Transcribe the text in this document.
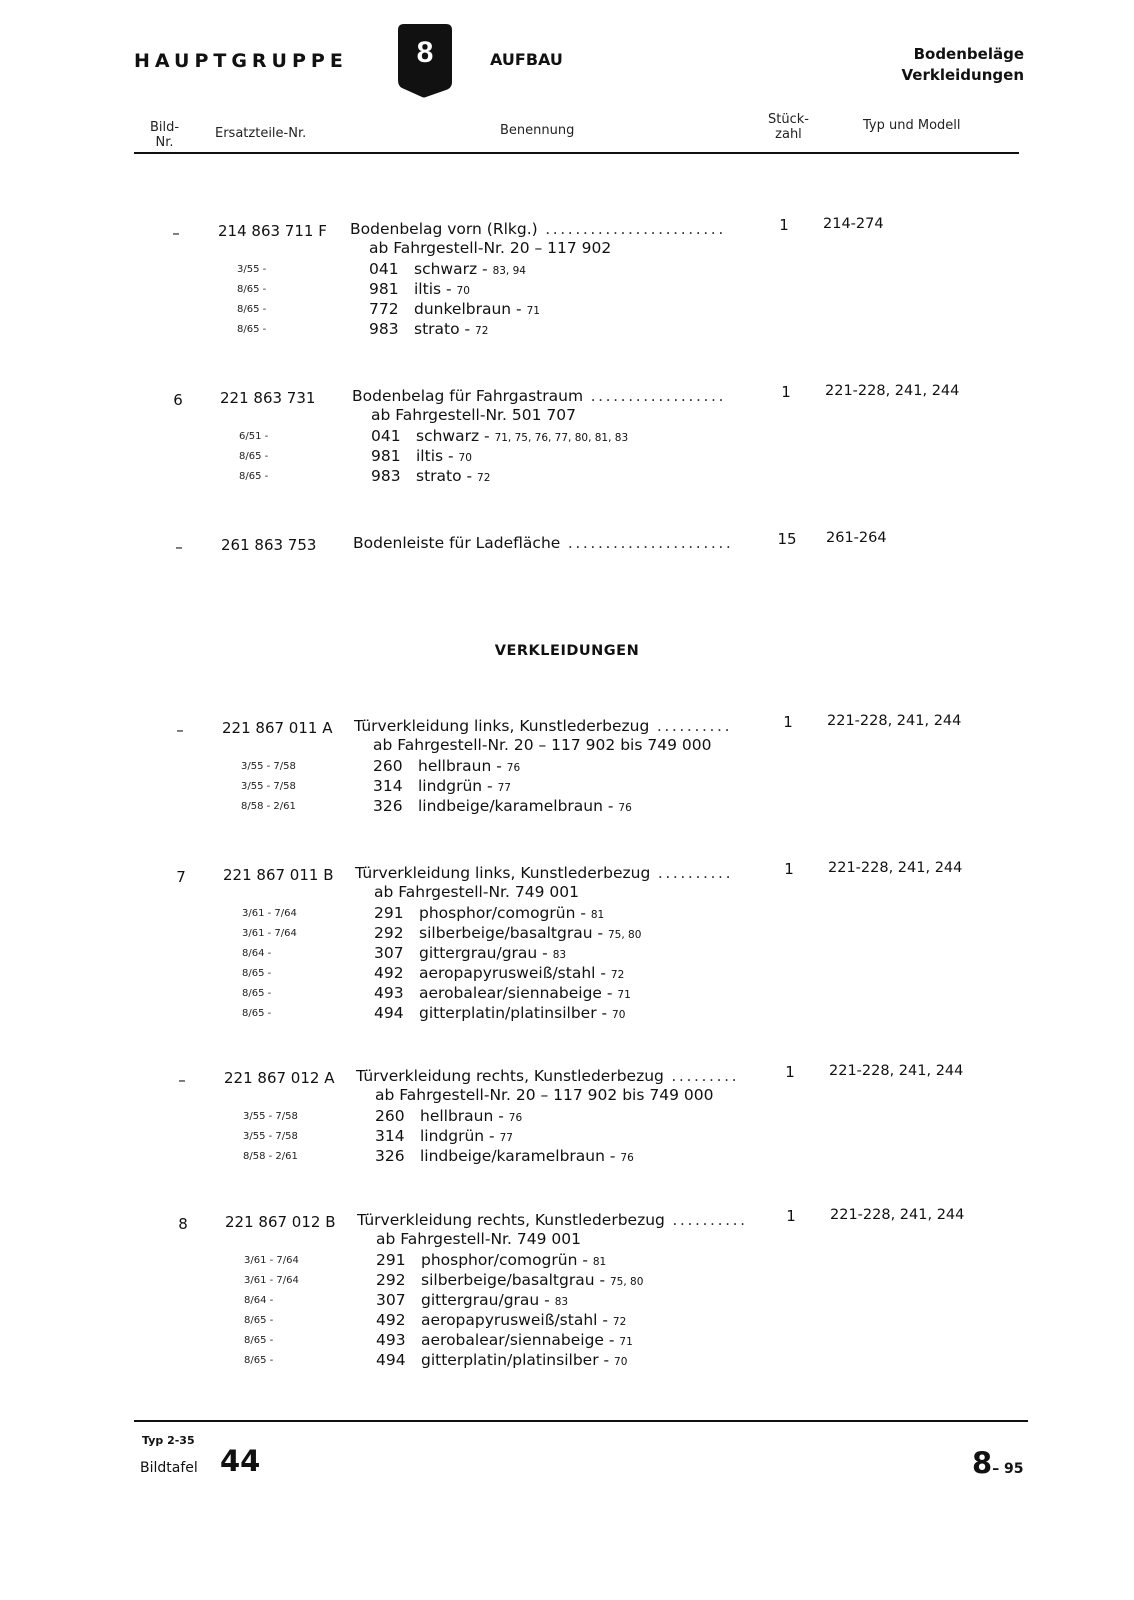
HAUPTGRUPPE	8	AUFBAU	Bodenbeläge
Verkleidungen
Bild-
Nr.
Ersatzteile-Nr.	Benennung
Stück-
zahl
Typ und Modell
–	214 863 711 F Bodenbelag vorn (Rlkg.) ........................	1	214-274
ab Fahrgestell-Nr. 20 – 117 902
3/55 -	041 schwarz - 83, 94
8/65 -	981 iltis - 70
8/65 -	772 dunkelbraun - 71
8/65 -	983 strato - 72
6	221 863 731 Bodenbelag für Fahrgastraum ..................	1	221-228, 241, 244
ab Fahrgestell-Nr. 501 707
6/51 -	041 schwarz - 71, 75, 76, 77, 80, 81, 83
8/65 -	981 iltis - 70
8/65 -	983 strato - 72
–	261 863 753 Bodenleiste für Ladefläche ......................	15 261-264
–	221 867 011 A Türverkleidung links, Kunstlederbezug ..........	1	221-228, 241, 244
ab Fahrgestell-Nr. 20 – 117 902 bis 749 000
3/55 - 7/58	260 hellbraun - 76
3/55 - 7/58	314 lindgrün - 77
8/58 - 2/61	326 lindbeige/karamelbraun - 76
7	221 867 011 B Türverkleidung links, Kunstlederbezug ..........	1	221-228, 241, 244
ab Fahrgestell-Nr. 749 001
3/61 - 7/64	291 phosphor/comogrün - 81
3/61 - 7/64	292 silberbeige/basaltgrau - 75, 80
8/64 -	307 gittergrau/grau - 83
8/65 -	492 aeropapyrusweiß/stahl - 72
8/65 -	493 aerobalear/siennabeige - 71
8/65 -	494 gitterplatin/platinsilber - 70
–	221 867 012 A Türverkleidung rechts, Kunstlederbezug .........	1	221-228, 241, 244
ab Fahrgestell-Nr. 20 – 117 902 bis 749 000
3/55 - 7/58	260 hellbraun - 76
3/55 - 7/58	314 lindgrün - 77
8/58 - 2/61	326 lindbeige/karamelbraun - 76
8	221 867 012 B Türverkleidung rechts, Kunstlederbezug ..........	1	221-228, 241, 244
ab Fahrgestell-Nr. 749 001
3/61 - 7/64	291 phosphor/comogrün - 81
3/61 - 7/64	292 silberbeige/basaltgrau - 75, 80
8/64 -	307 gittergrau/grau - 83
8/65 -	492 aeropapyrusweiß/stahl - 72
8/65 -	493 aerobalear/siennabeige - 71
8/65 -	494 gitterplatin/platinsilber - 70
VERKLEIDUNGEN
Typ 2-35
Bildtafel 44	8– 95
